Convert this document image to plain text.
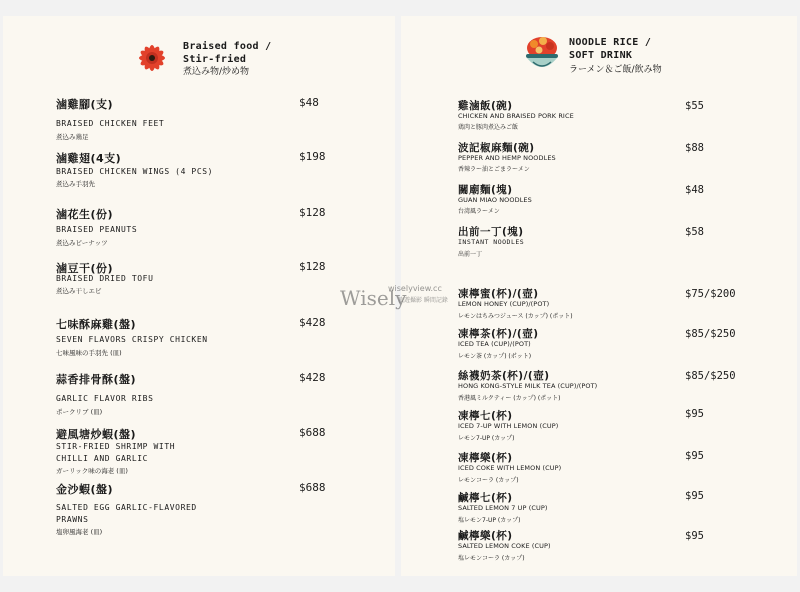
Braised food /
Stir-fried
煮込み物/炒め物
滷雞腳(支)	$48
BRAISED CHICKEN FEET
煮込み鶏足
滷雞翅(4支)	$198
BRAISED CHICKEN WINGS (4 PCS)
煮込み手羽先
滷花生(份)	$128
BRAISED PEANUTS
煮込みピーナッツ
滷豆干(份)	$128
BRAISED DRIED TOFU
煮込み干しエビ
七味酥麻雞(盤)	$428
SEVEN FLAVORS CRISPY CHICKEN
七味風味の手羽先 (皿)
蒜香排骨酥(盤)	$428
GARLIC FLAVOR RIBS
ポークリブ (皿)
避風塘炒蝦(盤)	$688
STIR-FRIED SHRIMP WITH
CHILLI AND GARLIC
ガーリック味の海老 (皿)
金沙蝦(盤)	$688
SALTED EGG GARLIC-FLAVORED
PRAWNS
塩卵風海老 (皿)
NOODLE RICE /
SOFT DRINK
ラーメン＆ご飯/飲み物
雞滷飯(碗)	$55
CHICKEN AND BRAISED PORK RICE
鶏肉と豚肉煮込みご飯
波記椒麻麵(碗)	$88
PEPPER AND HEMP NOODLES
香辣ラー油とごまラーメン
關廟麵(塊)	$48
GUAN MIAO NOODLES
台湾風ラーメン
出前一丁(塊)	$58
INSTANT NOODLES
出前一丁
凍檸蜜(杯)/(壺)	$75/$200
LEMON HONEY (CUP)/(POT)
レモンはちみつジュース (カップ) (ポット)
凍檸茶(杯)/(壺)	$85/$250
ICED TEA (CUP)/(POT)
レモン茶 (カップ) (ポット)
絲襪奶茶(杯)/(壺)	$85/$250
HONG KONG-STYLE MILK TEA (CUP)/(POT)
香港風ミルクティー (カップ) (ポット)
凍檸七(杯)	$95
ICED 7-UP WITH LEMON (CUP)
レモン7-UP (カップ)
凍檸樂(杯)	$95
ICED COKE WITH LEMON (CUP)
レモンコーラ (カップ)
鹹檸七(杯)	$95
SALTED LEMON 7 UP (CUP)
塩レモン7-UP (カップ)
鹹檸樂(杯)	$95
SALTED LEMON COKE (CUP)
塩レモンコーラ (カップ)
Wisely
wiselyview.cc
旅遊攝影 瞬間記錄
